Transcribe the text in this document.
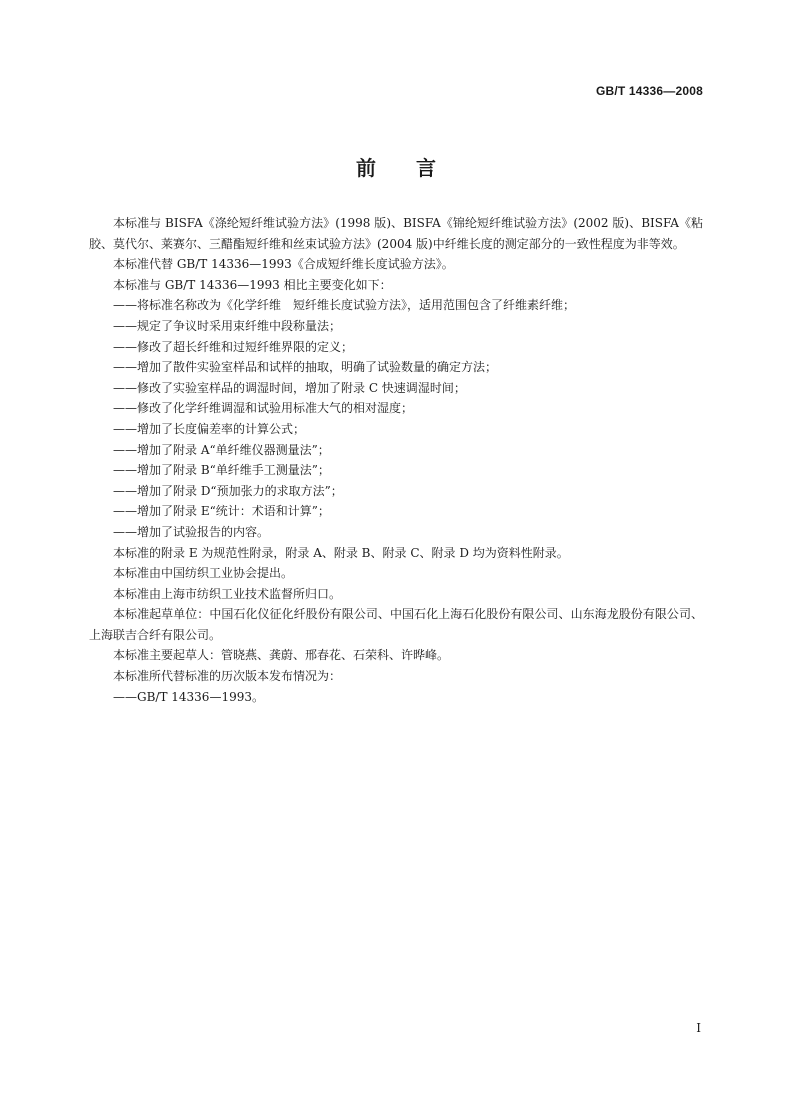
GB/T 14336—2008
前　　言

本标准与 BISFA《涤纶短纤维试验方法》(1998 版)、BISFA《锦纶短纤维试验方法》(2002 版)、BISFA《粘胶、莫代尔、莱赛尔、三醋酯短纤维和丝束试验方法》(2004 版)中纤维长度的测定部分的一致性程度为非等效。

本标准代替 GB/T 14336—1993《合成短纤维长度试验方法》。

本标准与 GB/T 14336—1993 相比主要变化如下：

——将标准名称改为《化学纤维　短纤维长度试验方法》，适用范围包含了纤维素纤维；

——规定了争议时采用束纤维中段称量法；

——修改了超长纤维和过短纤维界限的定义；

——增加了散件实验室样品和试样的抽取，明确了试验数量的确定方法；

——修改了实验室样品的调湿时间，增加了附录 C 快速调湿时间；

——修改了化学纤维调湿和试验用标准大气的相对湿度；

——增加了长度偏差率的计算公式；

——增加了附录 A“单纤维仪器测量法”；

——增加了附录 B“单纤维手工测量法”；

——增加了附录 D“预加张力的求取方法”；

——增加了附录 E“统计：术语和计算”；

——增加了试验报告的内容。

本标准的附录 E 为规范性附录，附录 A、附录 B、附录 C、附录 D 均为资料性附录。

本标准由中国纺织工业协会提出。

本标准由上海市纺织工业技术监督所归口。

本标准起草单位：中国石化仪征化纤股份有限公司、中国石化上海石化股份有限公司、山东海龙股份有限公司、上海联吉合纤有限公司。

本标准主要起草人：管晓燕、龚蔚、邢春花、石荣科、许晔峰。

本标准所代替标准的历次版本发布情况为：

——GB/T 14336—1993。

I
